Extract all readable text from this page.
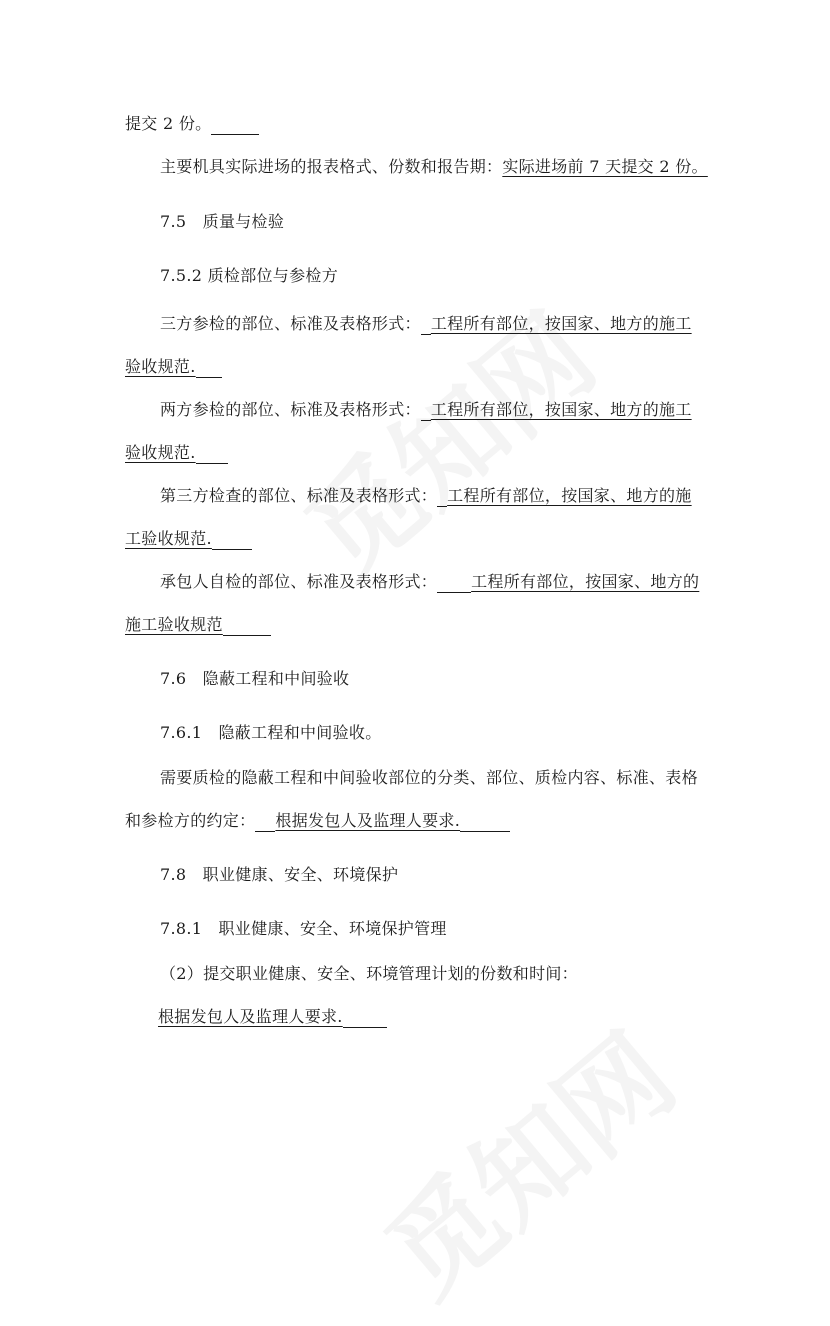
提交 2 份。
主要机具实际进场的报表格式、份数和报告期：实际进场前 7 天提交 2 份。
7.5　质量与检验
7.5.2 质检部位与参检方
三方参检的部位、标准及表格形式： 工程所有部位，按国家、地方的施工
验收规范.
两方参检的部位、标准及表格形式： 工程所有部位，按国家、地方的施工
验收规范.
第三方检查的部位、标准及表格形式： 工程所有部位，按国家、地方的施
工验收规范.
承包人自检的部位、标准及表格形式： 工程所有部位，按国家、地方的
施工验收规范
7.6　隐蔽工程和中间验收
7.6.1　隐蔽工程和中间验收。
需要质检的隐蔽工程和中间验收部位的分类、部位、质检内容、标准、表格
和参检方的约定： 根据发包人及监理人要求.
7.8　职业健康、安全、环境保护
7.8.1　职业健康、安全、环境保护管理
（2）提交职业健康、安全、环境管理计划的份数和时间：
根据发包人及监理人要求.
